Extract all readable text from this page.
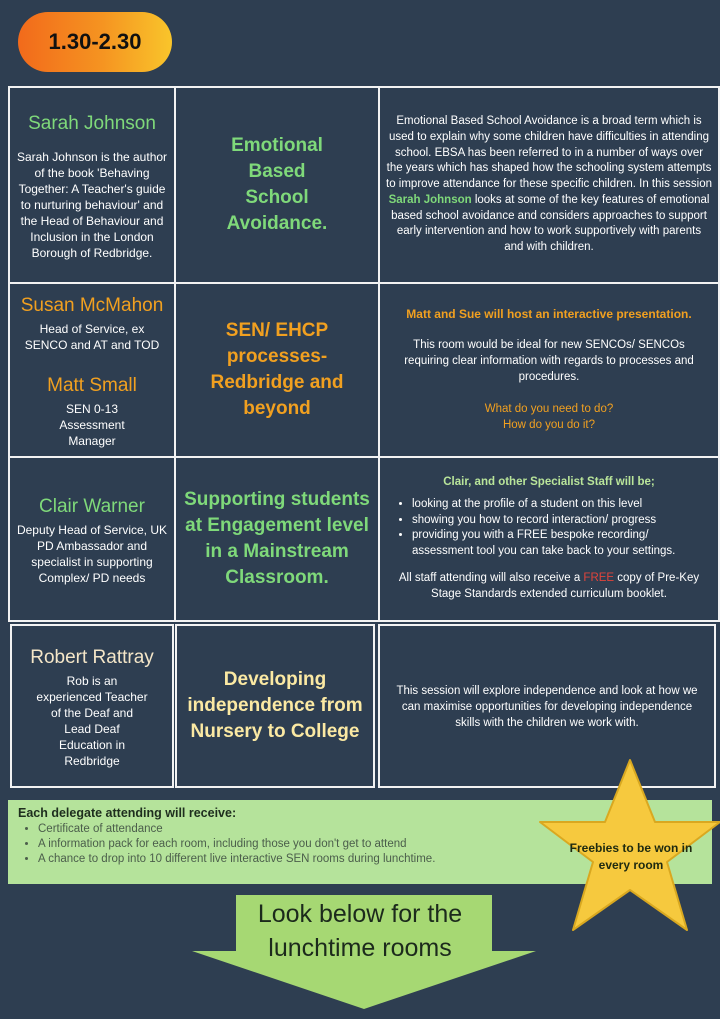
1.30-2.30
Sarah Johnson
Sarah Johnson is the author of the book 'Behaving Together: A Teacher's guide to nurturing behaviour' and the Head of Behaviour and Inclusion in the London Borough of Redbridge.
Emotional Based School Avoidance.
Emotional Based School Avoidance is a broad term which is used to explain why some children have difficulties in attending school. EBSA has been referred to in a number of ways over the years which has shaped how the schooling system attempts to improve attendance for these specific children. In this session Sarah Johnson looks at some of the key features of emotional based school avoidance and considers approaches to support early intervention and how to work supportively with parents and with children.
Susan McMahon
Head of Service, ex SENCO and AT and TOD
Matt Small
SEN 0-13 Assessment Manager
SEN/ EHCP processes- Redbridge and beyond
Matt and Sue will host an interactive presentation.
This room would be ideal for new SENCOs/ SENCOs requiring clear information with regards to processes and procedures.
What do you need to do?
How do you do it?
Clair Warner
Deputy Head of Service, UK PD Ambassador and specialist in supporting Complex/ PD needs
Supporting students at Engagement level in a Mainstream Classroom.
Clair, and other Specialist Staff will be;
• looking at the profile of a student on this level
• showing you how to record interaction/ progress
• providing you with a FREE bespoke recording/ assessment tool you can take back to your settings.
All staff attending will also receive a FREE copy of Pre-Key Stage Standards extended curriculum booklet.
Robert Rattray
Rob is an experienced Teacher of the Deaf and Lead Deaf Education in Redbridge
Developing independence from Nursery to College
This session will explore independence and look at how we can maximise opportunities for developing independence skills with the children we work with.
Each delegate attending will receive:
• Certificate of attendance
• A information pack for each room, including those you don't get to attend
• A chance to drop into 10 different live interactive SEN rooms during lunchtime.
Freebies to be won in every room
Look below for the lunchtime rooms
